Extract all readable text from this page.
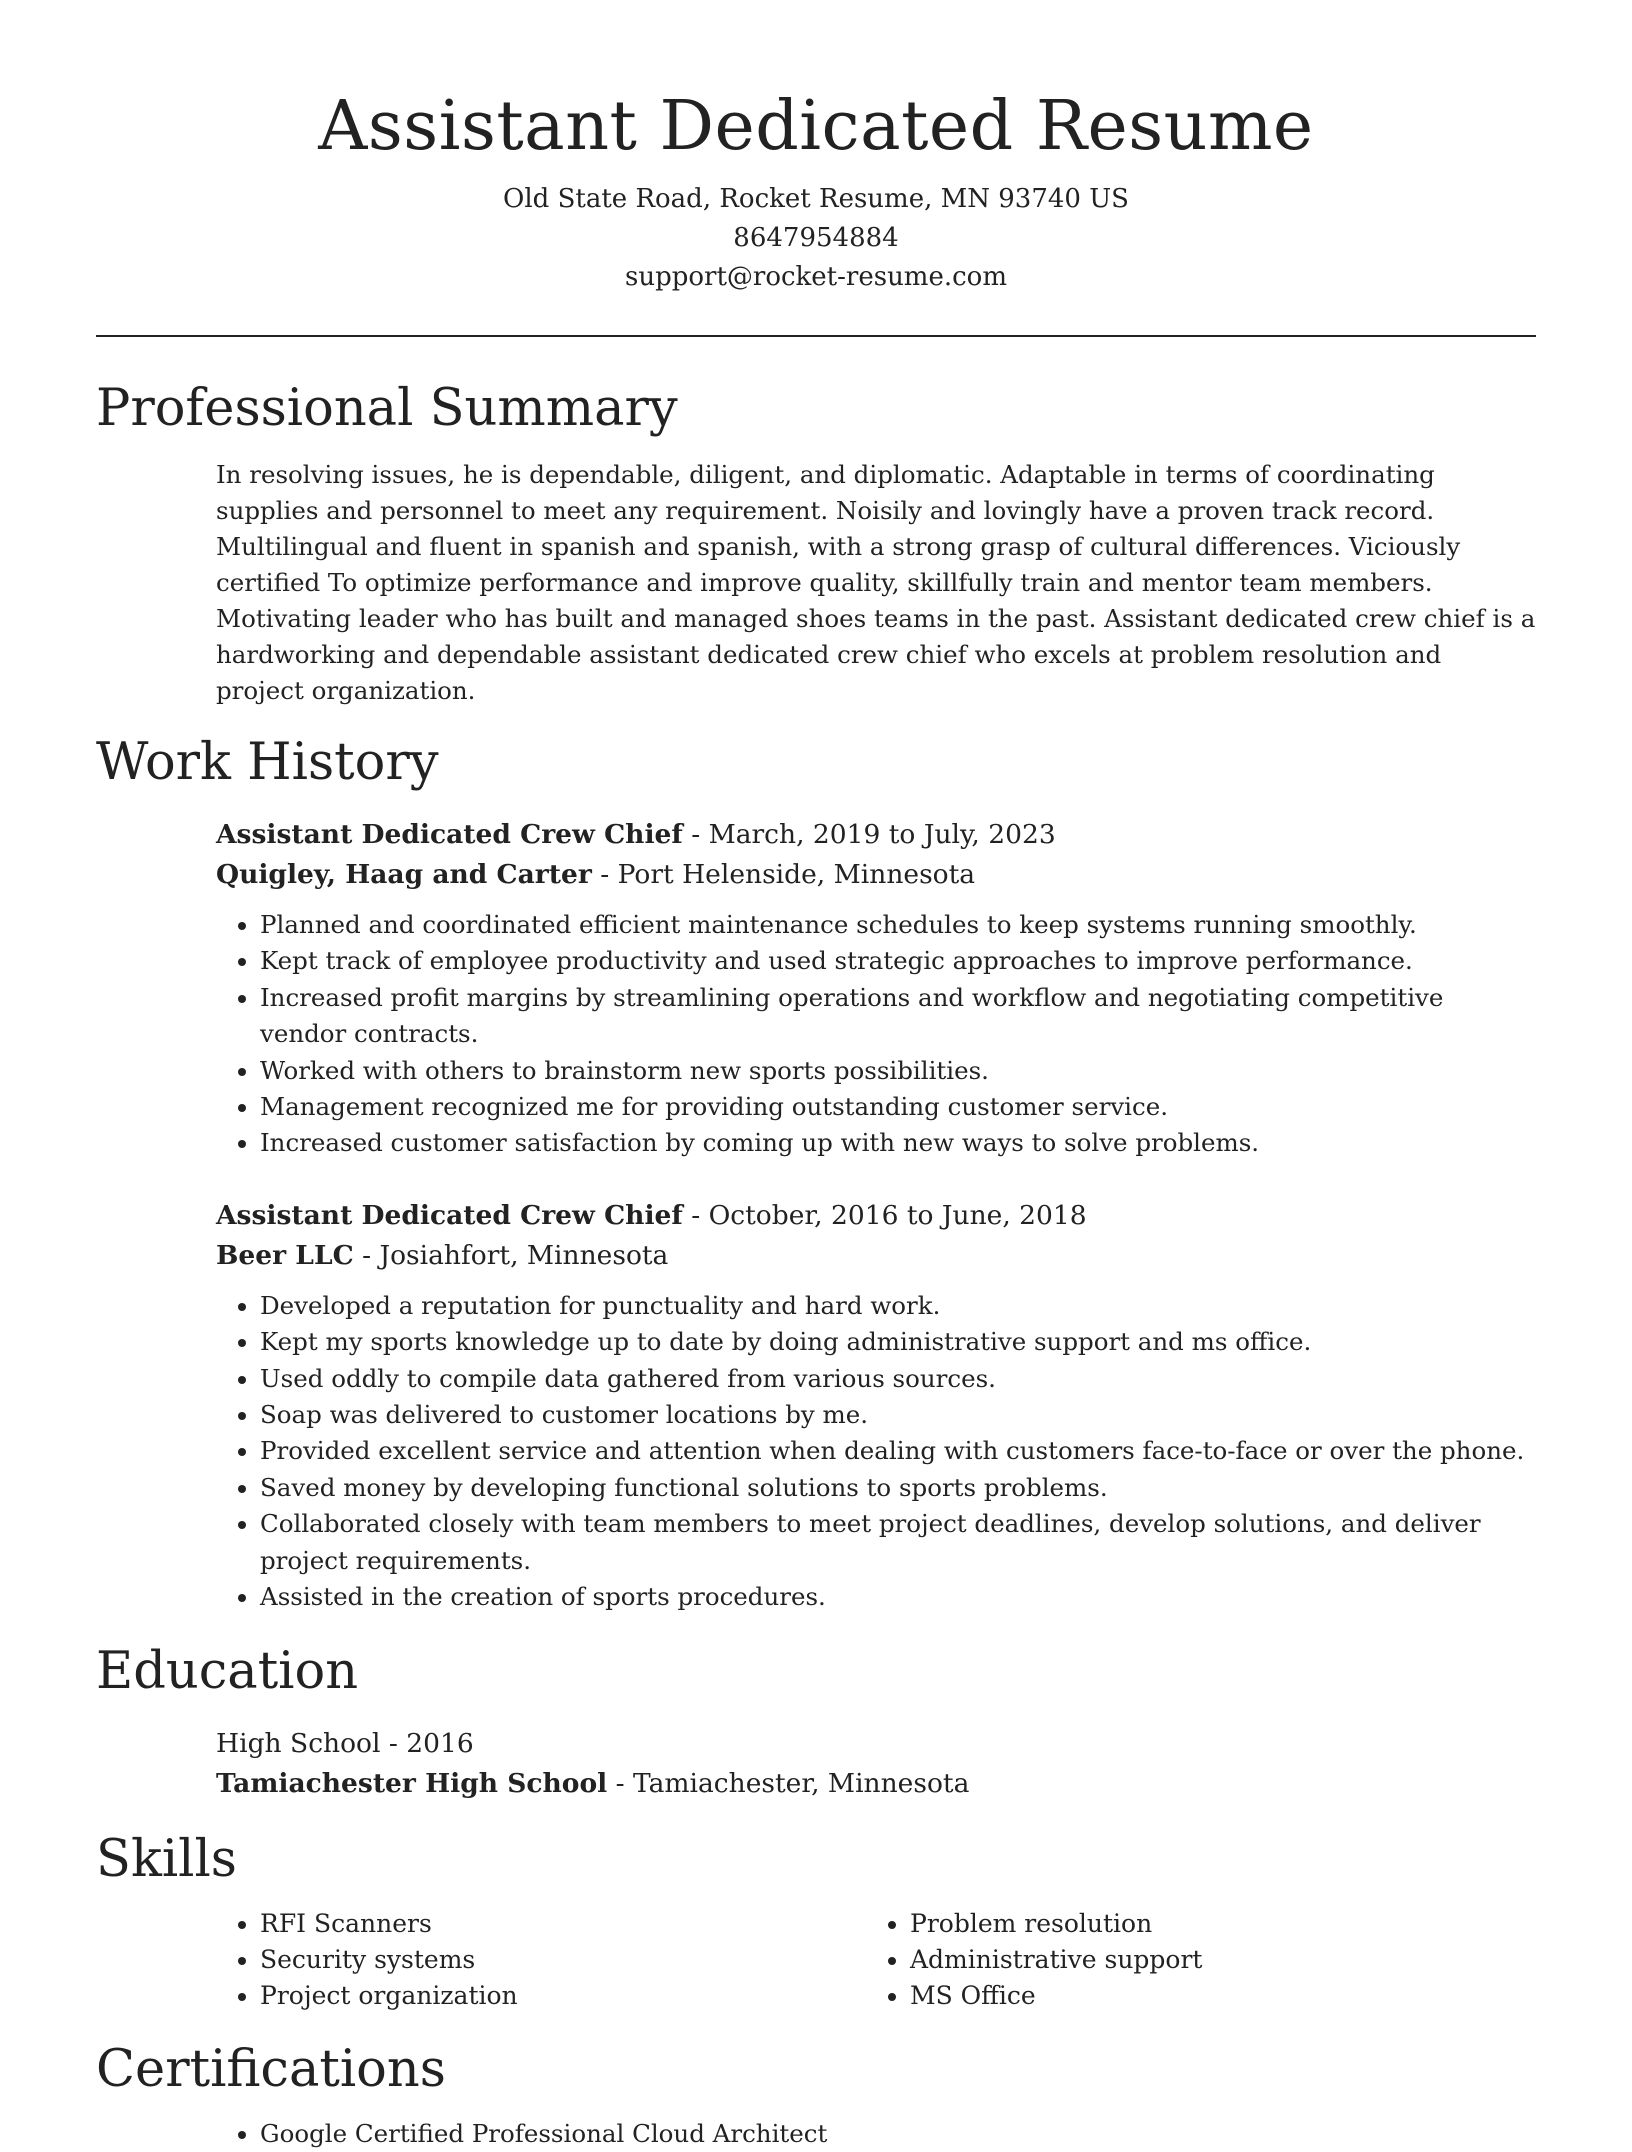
Assistant Dedicated Resume
Old State Road, Rocket Resume, MN 93740 US
8647954884
support@rocket-resume.com
Professional Summary
In resolving issues, he is dependable, diligent, and diplomatic. Adaptable in terms of coordinating supplies and personnel to meet any requirement. Noisily and lovingly have a proven track record. Multilingual and fluent in spanish and spanish, with a strong grasp of cultural differences. Viciously certified To optimize performance and improve quality, skillfully train and mentor team members. Motivating leader who has built and managed shoes teams in the past. Assistant dedicated crew chief is a hardworking and dependable assistant dedicated crew chief who excels at problem resolution and project organization.
Work History
Assistant Dedicated Crew Chief - March, 2019 to July, 2023
Quigley, Haag and Carter - Port Helenside, Minnesota
• Planned and coordinated efficient maintenance schedules to keep systems running smoothly.
• Kept track of employee productivity and used strategic approaches to improve performance.
• Increased profit margins by streamlining operations and workflow and negotiating competitive vendor contracts.
• Worked with others to brainstorm new sports possibilities.
• Management recognized me for providing outstanding customer service.
• Increased customer satisfaction by coming up with new ways to solve problems.
Assistant Dedicated Crew Chief - October, 2016 to June, 2018
Beer LLC - Josiahfort, Minnesota
• Developed a reputation for punctuality and hard work.
• Kept my sports knowledge up to date by doing administrative support and ms office.
• Used oddly to compile data gathered from various sources.
• Soap was delivered to customer locations by me.
• Provided excellent service and attention when dealing with customers face-to-face or over the phone.
• Saved money by developing functional solutions to sports problems.
• Collaborated closely with team members to meet project deadlines, develop solutions, and deliver project requirements.
• Assisted in the creation of sports procedures.
Education
High School - 2016
Tamiachester High School - Tamiachester, Minnesota
Skills
• RFI Scanners
• Security systems
• Project organization
• Problem resolution
• Administrative support
• MS Office
Certifications
• Google Certified Professional Cloud Architect
